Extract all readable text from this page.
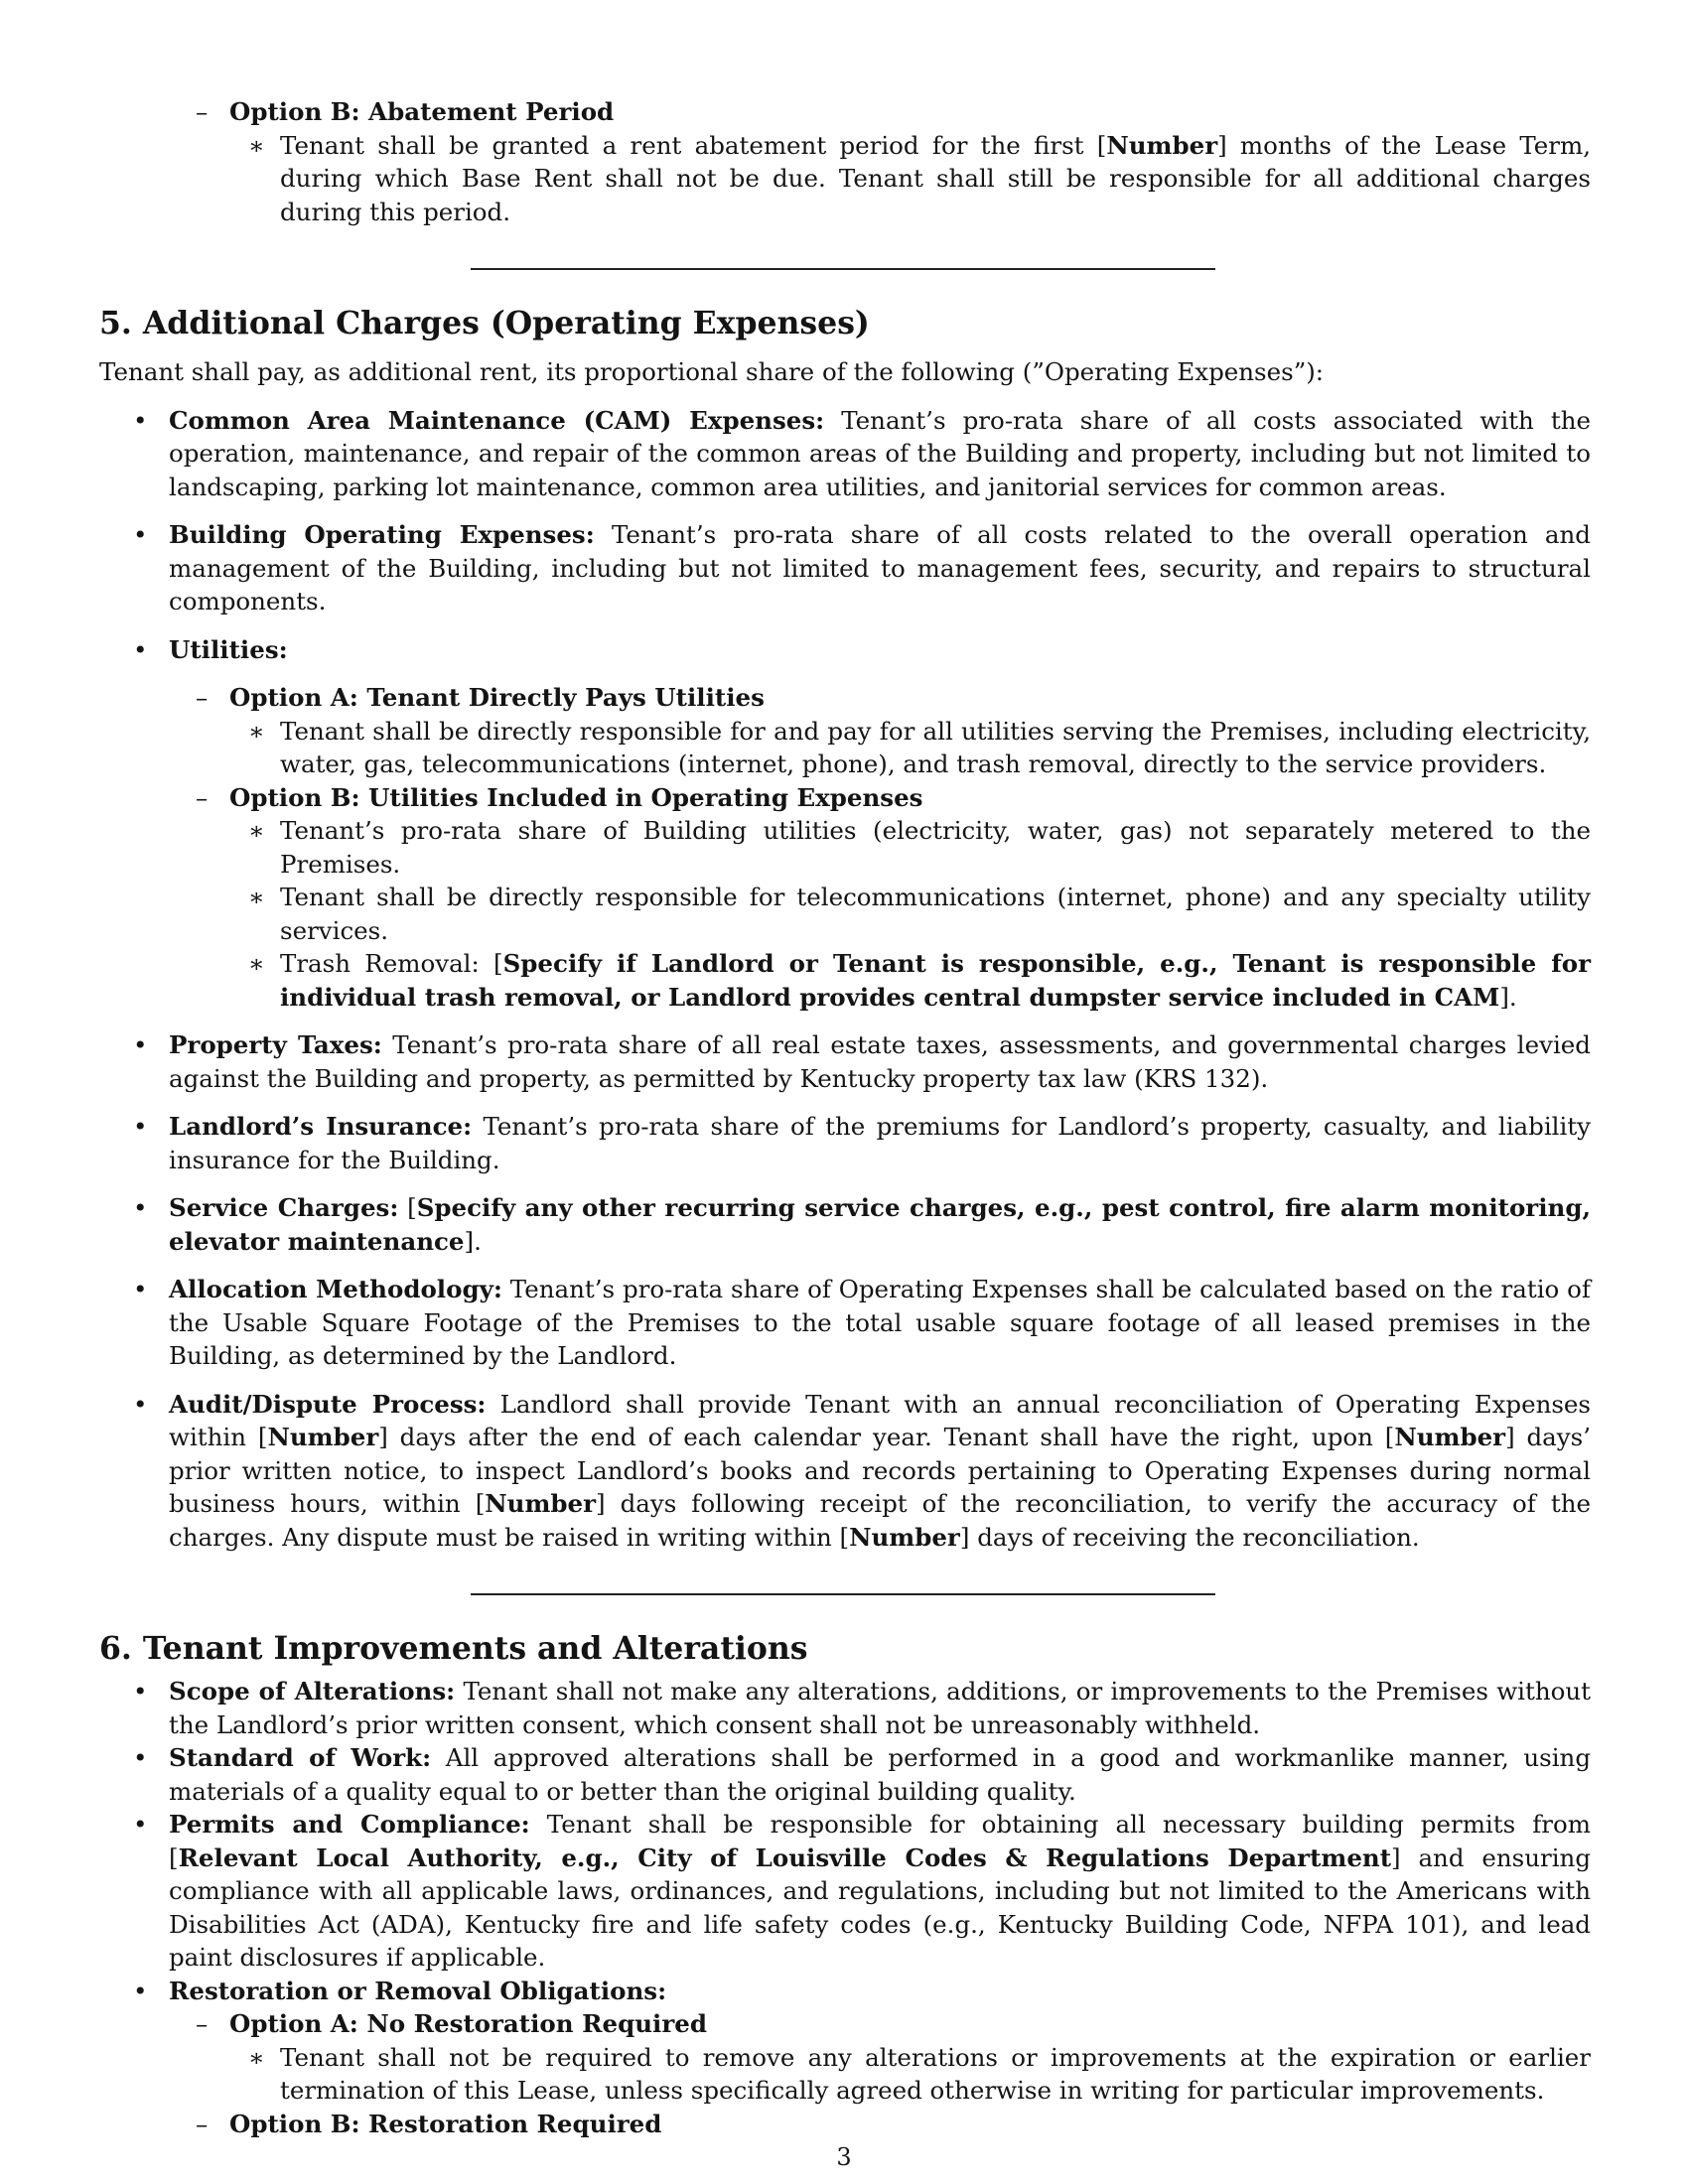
– Option B: Abatement Period
∗ Tenant shall be granted a rent abatement period for the first [Number] months of the Lease Term, during which Base Rent shall not be due. Tenant shall still be responsible for all additional charges during this period.
5. Additional Charges (Operating Expenses)

Tenant shall pay, as additional rent, its proportional share of the following (”Operating Expenses”):

• Common Area Maintenance (CAM) Expenses: Tenant’s pro-rata share of all costs associated with the operation, maintenance, and repair of the common areas of the Building and property, including but not limited to landscaping, parking lot maintenance, common area utilities, and janitorial services for common areas.
• Building Operating Expenses: Tenant’s pro-rata share of all costs related to the overall operation and management of the Building, including but not limited to management fees, security, and repairs to structural components.
• Utilities:
– Option A: Tenant Directly Pays Utilities
∗ Tenant shall be directly responsible for and pay for all utilities serving the Premises, including electricity, water, gas, telecommunications (internet, phone), and trash removal, directly to the service providers.
– Option B: Utilities Included in Operating Expenses
∗ Tenant’s pro-rata share of Building utilities (electricity, water, gas) not separately metered to the Premises.
∗ Tenant shall be directly responsible for telecommunications (internet, phone) and any specialty utility services.
∗ Trash Removal: [Specify if Landlord or Tenant is responsible, e.g., Tenant is responsible for individual trash removal, or Landlord provides central dumpster service included in CAM].
• Property Taxes: Tenant’s pro-rata share of all real estate taxes, assessments, and governmental charges levied against the Building and property, as permitted by Kentucky property tax law (KRS 132).
• Landlord’s Insurance: Tenant’s pro-rata share of the premiums for Landlord’s property, casualty, and liability insurance for the Building.
• Service Charges: [Specify any other recurring service charges, e.g., pest control, fire alarm monitoring, elevator maintenance].
• Allocation Methodology: Tenant’s pro-rata share of Operating Expenses shall be calculated based on the ratio of the Usable Square Footage of the Premises to the total usable square footage of all leased premises in the Building, as determined by the Landlord.
• Audit/Dispute Process: Landlord shall provide Tenant with an annual reconciliation of Operating Expenses within [Number] days after the end of each calendar year. Tenant shall have the right, upon [Number] days’ prior written notice, to inspect Landlord’s books and records pertaining to Operating Expenses during normal business hours, within [Number] days following receipt of the reconciliation, to verify the accuracy of the charges. Any dispute must be raised in writing within [Number] days of receiving the reconciliation.
6. Tenant Improvements and Alterations
• Scope of Alterations: Tenant shall not make any alterations, additions, or improvements to the Premises without the Landlord’s prior written consent, which consent shall not be unreasonably withheld.
• Standard of Work: All approved alterations shall be performed in a good and workmanlike manner, using materials of a quality equal to or better than the original building quality.
• Permits and Compliance: Tenant shall be responsible for obtaining all necessary building permits from [Relevant Local Authority, e.g., City of Louisville Codes & Regulations Department] and ensuring compliance with all applicable laws, ordinances, and regulations, including but not limited to the Americans with Disabilities Act (ADA), Kentucky fire and life safety codes (e.g., Kentucky Building Code, NFPA 101), and lead paint disclosures if applicable.
• Restoration or Removal Obligations:
– Option A: No Restoration Required
∗ Tenant shall not be required to remove any alterations or improvements at the expiration or earlier termination of this Lease, unless specifically agreed otherwise in writing for particular improvements.
– Option B: Restoration Required
3
